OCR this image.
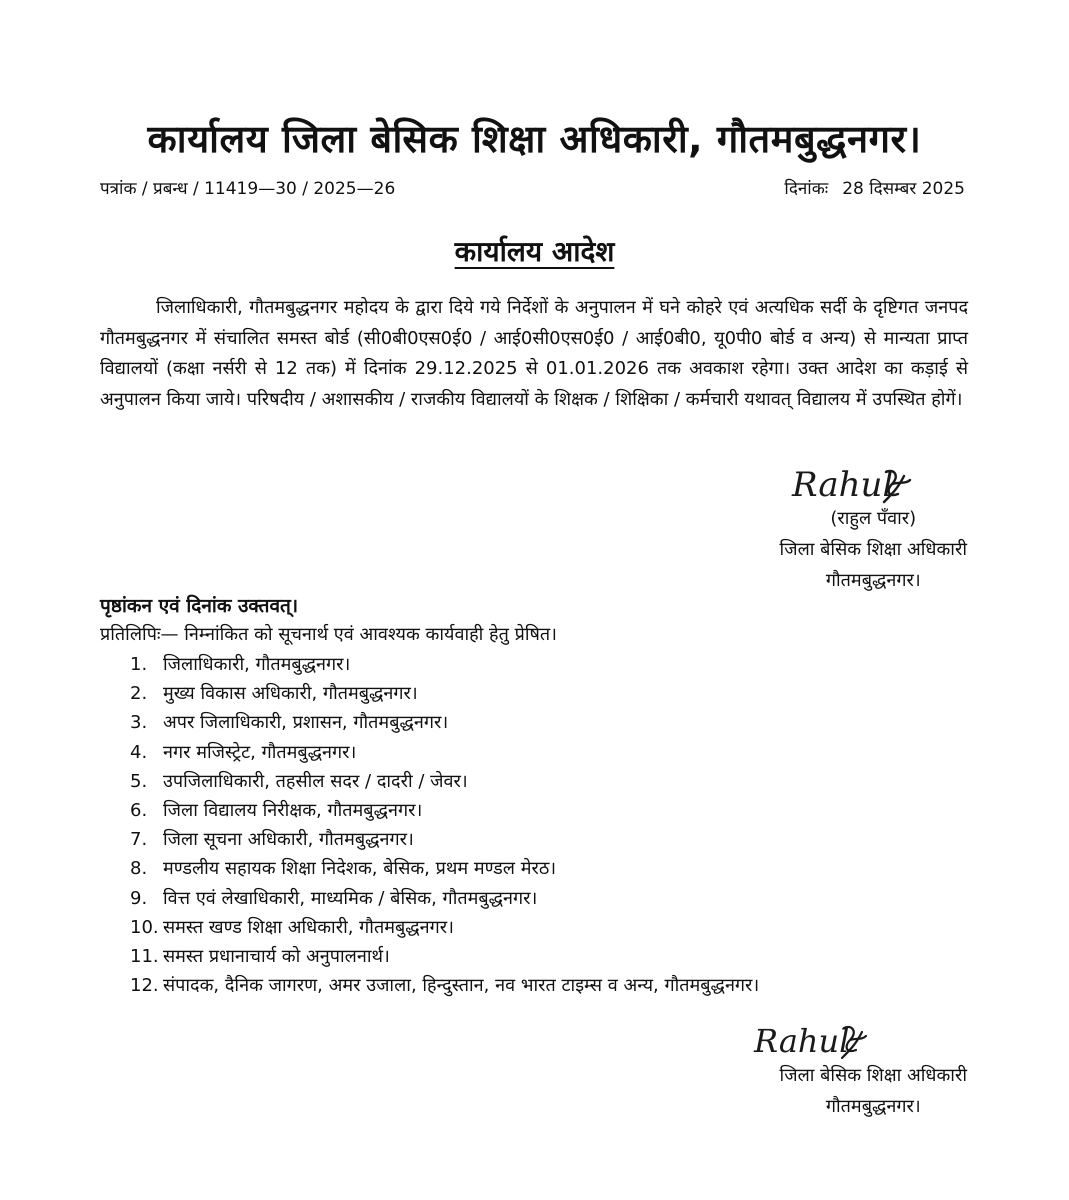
कार्यालय जिला बेसिक शिक्षा अधिकारी, गौतमबुद्धनगर।
पत्रांक / प्रबन्ध / 11419—30 / 2025—26	दिनांकः 28 दिसम्बर 2025
कार्यालय आदेश

जिलाधिकारी, गौतमबुद्धनगर महोदय के द्वारा दिये गये निर्देशों के अनुपालन में घने कोहरे एवं अत्यधिक सर्दी के दृष्टिगत जनपद गौतमबुद्धनगर में संचालित समस्त बोर्ड (सी0बी0एस0ई0 / आई0सी0एस0ई0 / आई0बी0, यू0पी0 बोर्ड व अन्य) से मान्यता प्राप्त विद्यालयों (कक्षा नर्सरी से 12 तक) में दिनांक 29.12.2025 से 01.01.2026 तक अवकाश रहेगा। उक्त आदेश का कड़ाई से अनुपालन किया जाये। परिषदीय / अशासकीय / राजकीय विद्यालयों के शिक्षक / शिक्षिका / कर्मचारी यथावत् विद्यालय में उपस्थित होगें।

Rahul
(राहुल पँवार)
जिला बेसिक शिक्षा अधिकारी
गौतमबुद्धनगर।
पृष्ठांकन एवं दिनांक उक्तवत्।
प्रतिलिपिः— निम्नांकित को सूचनार्थ एवं आवश्यक कार्यवाही हेतु प्रेषित।
1. जिलाधिकारी, गौतमबुद्धनगर।
2. मुख्य विकास अधिकारी, गौतमबुद्धनगर।
3. अपर जिलाधिकारी, प्रशासन, गौतमबुद्धनगर।
4. नगर मजिस्ट्रेट, गौतमबुद्धनगर।
5. उपजिलाधिकारी, तहसील सदर / दादरी / जेवर।
6. जिला विद्यालय निरीक्षक, गौतमबुद्धनगर।
7. जिला सूचना अधिकारी, गौतमबुद्धनगर।
8. मण्डलीय सहायक शिक्षा निदेशक, बेसिक, प्रथम मण्डल मेरठ।
9. वित्त एवं लेखाधिकारी, माध्यमिक / बेसिक, गौतमबुद्धनगर।
10. समस्त खण्ड शिक्षा अधिकारी, गौतमबुद्धनगर।
11. समस्त प्रधानाचार्य को अनुपालनार्थ।
12. संपादक, दैनिक जागरण, अमर उजाला, हिन्दुस्तान, नव भारत टाइम्स व अन्य, गौतमबुद्धनगर।
Rahul
जिला बेसिक शिक्षा अधिकारी
गौतमबुद्धनगर।
